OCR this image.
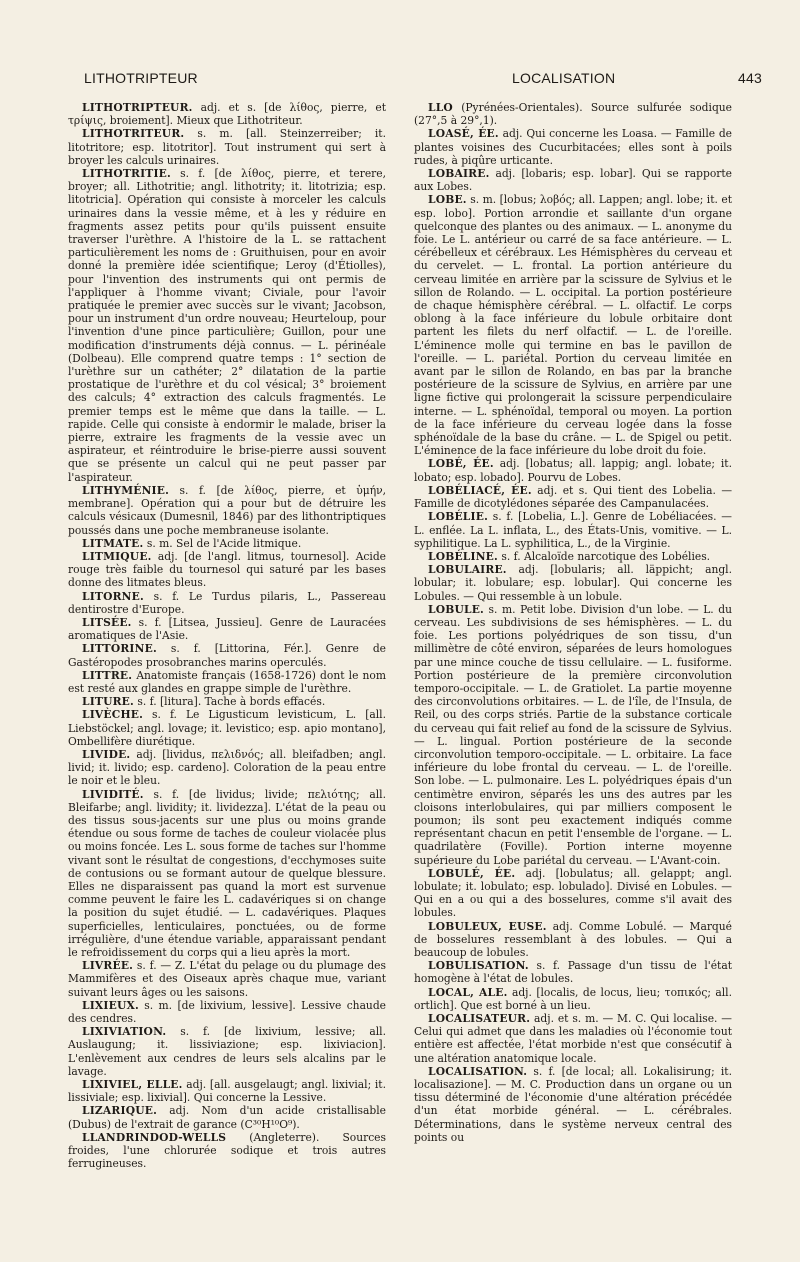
LITHOTRIPTEUR	LOCALISATION	443

LITHOTRIPTEUR. adj. et s. [de λίθος, pierre, et τρίψις, broiement]. Mieux que Lithotriteur.

LITHOTRITEUR. s. m. [all. Steinzerreiber; it. litotritore; esp. litotritor]. Tout instrument qui sert à broyer les calculs urinaires.

LITHOTRITIE. s. f. [de λίθος, pierre, et terere, broyer; all. Lithotritie; angl. lithotrity; it. litotrizia; esp. litotricia]. Opération qui consiste à morceler les calculs urinaires dans la vessie même, et à les y réduire en fragments assez petits pour qu'ils puissent ensuite traverser l'urèthre. A l'histoire de la L. se rattachent particulièrement les noms de : Gruithuisen, pour en avoir donné la première idée scientifique; Leroy (d'Étiolles), pour l'invention des instruments qui ont permis de l'appliquer à l'homme vivant; Civiale, pour l'avoir pratiquée le premier avec succès sur le vivant; Jacobson, pour un instrument d'un ordre nouveau; Heurteloup, pour l'invention d'une pince particulière; Guillon, pour une modification d'instruments déjà connus. — L. périnéale (Dolbeau). Elle comprend quatre temps : 1° section de l'urèthre sur un cathéter; 2° dilatation de la partie prostatique de l'urèthre et du col vésical; 3° broiement des calculs; 4° extraction des calculs fragmentés. Le premier temps est le même que dans la taille. — L. rapide. Celle qui consiste à endormir le malade, briser la pierre, extraire les fragments de la vessie avec un aspirateur, et réintroduire le brise-pierre aussi souvent que se présente un calcul qui ne peut passer par l'aspirateur.

LITHYMÉNIE. s. f. [de λίθος, pierre, et ὑμήν, membrane]. Opération qui a pour but de détruire les calculs vésicaux (Dumesnil, 1846) par des lithontriptiques poussés dans une poche membraneuse isolante.

LITMATE. s. m. Sel de l'Acide litmique.

LITMIQUE. adj. [de l'angl. litmus, tournesol]. Acide rouge très faible du tournesol qui saturé par les bases donne des litmates bleus.

LITORNE. s. f. Le Turdus pilaris, L., Passereau dentirostre d'Europe.

LITSÉE. s. f. [Litsea, Jussieu]. Genre de Lauracées aromatiques de l'Asie.

LITTORINE. s. f. [Littorina, Fér.]. Genre de Gastéropodes prosobranches marins operculés.

LITTRE. Anatomiste français (1658-1726) dont le nom est resté aux glandes en grappe simple de l'urèthre.

LITURE. s. f. [litura]. Tache à bords effacés.

LIVÈCHE. s. f. Le Ligusticum levisticum, L. [all. Liebstöckel; angl. lovage; it. levistico; esp. apio montano], Ombellifère diurétique.

LIVIDE. adj. [lividus, πελιδνός; all. bleifadben; angl. livid; it. livido; esp. cardeno]. Coloration de la peau entre le noir et le bleu.

LIVIDITÉ. s. f. [de lividus; livide; πελιότης; all. Bleifarbe; angl. lividity; it. lividezza]. L'état de la peau ou des tissus sous-jacents sur une plus ou moins grande étendue ou sous forme de taches de couleur violacée plus ou moins foncée. Les L. sous forme de taches sur l'homme vivant sont le résultat de congestions, d'ecchymoses suite de contusions ou se formant autour de quelque blessure. Elles ne disparaissent pas quand la mort est survenue comme peuvent le faire les L. cadavériques si on change la position du sujet étudié. — L. cadavériques. Plaques superficielles, lenticulaires, ponctuées, ou de forme irrégulière, d'une étendue variable, apparaissant pendant le refroidissement du corps qui a lieu après la mort.

LIVRÉE. s. f. — Z. L'état du pelage ou du plumage des Mammifères et des Oiseaux après chaque mue, variant suivant leurs âges ou les saisons.

LIXIEUX. s. m. [de lixivium, lessive]. Lessive chaude des cendres.

LIXIVIATION. s. f. [de lixivium, lessive; all. Auslaugung; it. lissiviazione; esp. lixiviacion]. L'enlèvement aux cendres de leurs sels alcalins par le lavage.

LIXIVIEL, ELLE. adj. [all. ausgelaugt; angl. lixivial; it. lissiviale; esp. lixivial]. Qui concerne la Lessive.

LIZARIQUE. adj. Nom d'un acide cristallisable (Dubus) de l'extrait de garance (C³⁰H¹⁰O⁹).

LLANDRINDOD-WELLS (Angleterre). Sources froides, l'une chlorurée sodique et trois autres ferrugineuses.

LLO (Pyrénées-Orientales). Source sulfurée sodique (27°,5 à 29°,1).

LOASÉ, ÉE. adj. Qui concerne les Loasa. — Famille de plantes voisines des Cucurbitacées; elles sont à poils rudes, à piqûre urticante.

LOBAIRE. adj. [lobaris; esp. lobar]. Qui se rapporte aux Lobes.

LOBE. s. m. [lobus; λοβός; all. Lappen; angl. lobe; it. et esp. lobo]. Portion arrondie et saillante d'un organe quelconque des plantes ou des animaux. — L. anonyme du foie. Le L. antérieur ou carré de sa face antérieure. — L. cérébelleux et cérébraux. Les Hémisphères du cerveau et du cervelet. — L. frontal. La portion antérieure du cerveau limitée en arrière par la scissure de Sylvius et le sillon de Rolando. — L. occipital. La portion postérieure de chaque hémisphère cérébral. — L. olfactif. Le corps oblong à la face inférieure du lobule orbitaire dont partent les filets du nerf olfactif. — L. de l'oreille. L'éminence molle qui termine en bas le pavillon de l'oreille. — L. pariétal. Portion du cerveau limitée en avant par le sillon de Rolando, en bas par la branche postérieure de la scissure de Sylvius, en arrière par une ligne fictive qui prolongerait la scissure perpendiculaire interne. — L. sphénoïdal, temporal ou moyen. La portion de la face inférieure du cerveau logée dans la fosse sphénoïdale de la base du crâne. — L. de Spigel ou petit. L'éminence de la face inférieure du lobe droit du foie.

LOBÉ, ÉE. adj. [lobatus; all. lappig; angl. lobate; it. lobato; esp. lobado]. Pourvu de Lobes.

LOBÉLIACÉ, ÉE. adj. et s. Qui tient des Lobelia. — Famille de dicotylédones séparée des Campanulacées.

LOBÉLIE. s. f. [Lobelia, L.]. Genre de Lobéliacées. — L. enflée. La L. inflata, L., des États-Unis, vomitive. — L. syphilitique. La L. syphilitica, L., de la Virginie.

LOBÉLINE. s. f. Alcaloïde narcotique des Lobélies.

LOBULAIRE. adj. [lobularis; all. läppicht; angl. lobular; it. lobulare; esp. lobular]. Qui concerne les Lobules. — Qui ressemble à un lobule.

LOBULE. s. m. Petit lobe. Division d'un lobe. — L. du cerveau. Les subdivisions de ses hémisphères. — L. du foie. Les portions polyédriques de son tissu, d'un millimètre de côté environ, séparées de leurs homologues par une mince couche de tissu cellulaire. — L. fusiforme. Portion postérieure de la première circonvolution temporo-occipitale. — L. de Gratiolet. La partie moyenne des circonvolutions orbitaires. — L. de l'île, de l'Insula, de Reil, ou des corps striés. Partie de la substance corticale du cerveau qui fait relief au fond de la scissure de Sylvius. — L. lingual. Portion postérieure de la seconde circonvolution temporo-occipitale. — L. orbitaire. La face inférieure du lobe frontal du cerveau. — L. de l'oreille. Son lobe. — L. pulmonaire. Les L. polyédriques épais d'un centimètre environ, séparés les uns des autres par les cloisons interlobulaires, qui par milliers composent le poumon; ils sont peu exactement indiqués comme représentant chacun en petit l'ensemble de l'organe. — L. quadrilatère (Foville). Portion interne moyenne supérieure du Lobe pariétal du cerveau. — L'Avant-coin.

LOBULÉ, ÉE. adj. [lobulatus; all. gelappt; angl. lobulate; it. lobulato; esp. lobulado]. Divisé en Lobules. — Qui en a ou qui a des bosselures, comme s'il avait des lobules.

LOBULEUX, EUSE. adj. Comme Lobulé. — Marqué de bosselures ressemblant à des lobules. — Qui a beaucoup de lobules.

LOBULISATION. s. f. Passage d'un tissu de l'état homogène à l'état de lobules.

LOCAL, ALE. adj. [localis, de locus, lieu; τοπικός; all. ortlich]. Que est borné à un lieu.

LOCALISATEUR. adj. et s. m. — M. C. Qui localise. — Celui qui admet que dans les maladies où l'économie tout entière est affectée, l'état morbide n'est que consécutif à une altération anatomique locale.

LOCALISATION. s. f. [de local; all. Lokalisirung; it. localisazione]. — M. C. Production dans un organe ou un tissu déterminé de l'économie d'une altération précédée d'un état morbide général. — L. cérébrales. Déterminations, dans le système nerveux central des points ou
